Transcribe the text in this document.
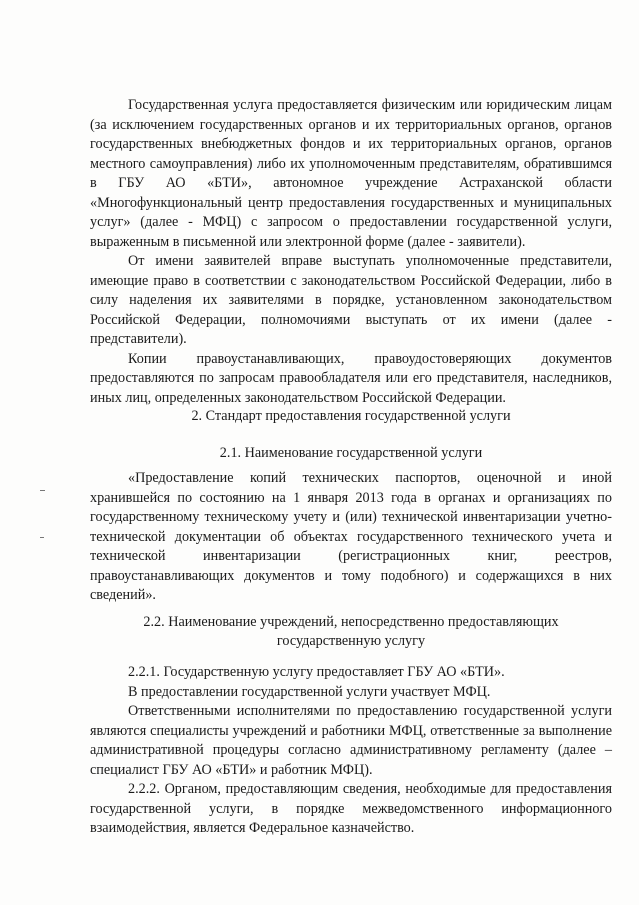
Государственная услуга предоставляется физическим или юридическим лицам (за исключением государственных органов и их территориальных органов, органов государственных внебюджетных фондов и их территориальных органов, органов местного самоуправления) либо их уполномоченным представителям, обратившимся в ГБУ АО «БТИ», автономное учреждение Астраханской области «Многофункциональный центр предоставления государственных и муниципальных услуг» (далее - МФЦ) с запросом о предоставлении государственной услуги, выраженным в письменной или электронной форме (далее - заявители).

От имени заявителей вправе выступать уполномоченные представители, имеющие право в соответствии с законодательством Российской Федерации, либо в силу наделения их заявителями в порядке, установленном законодательством Российской Федерации, полномочиями выступать от их имени (далее - представители).

Копии правоустанавливающих, правоудостоверяющих документов предоставляются по запросам правообладателя или его представителя, наследников, иных лиц, определенных законодательством Российской Федерации.

2. Стандарт предоставления государственной услуги

2.1. Наименование государственной услуги

«Предоставление копий технических паспортов, оценочной и иной хранившейся по состоянию на 1 января 2013 года в органах и организациях по государственному техническому учету и (или) технической инвентаризации учетно-технической документации об объектах государственного технического учета и технической инвентаризации (регистрационных книг, реестров, правоустанавливающих документов и тому подобного) и содержащихся в них сведений».

2.2. Наименование учреждений, непосредственно предоставляющих

государственную услугу

2.2.1. Государственную услугу предоставляет ГБУ АО «БТИ».

В предоставлении государственной услуги участвует МФЦ.

Ответственными исполнителями по предоставлению государственной услуги являются специалисты учреждений и работники МФЦ, ответственные за выполнение административной процедуры согласно административному регламенту (далее – специалист ГБУ АО «БТИ» и работник МФЦ).

2.2.2. Органом, предоставляющим сведения, необходимые для предоставления государственной услуги, в порядке межведомственного информационного взаимодействия, является Федеральное казначейство.
